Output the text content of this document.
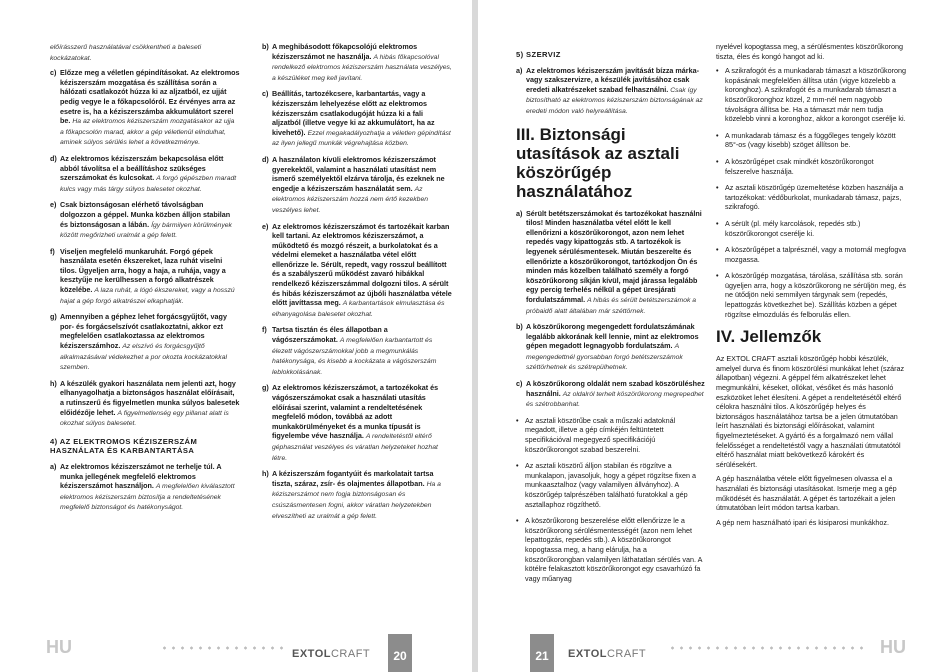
előírásszerű használatával csökkentheti a baleseti kockázatokat.

c) Előzze meg a véletlen gépindításokat. Az elektromos kéziszerszám mozgatása és szállítása során a hálózati csatlakozót húzza ki az aljzatból, ez ujját pedig vegye le a főkapcsolóról. Ez érvényes arra az esetre is, ha a kéziszerszámba akkumulátort szerel be. Ha az elektromos kéziszerszám mozgatásakor az ujja a főkapcsolón marad, akkor a gép véletlenül elindulhat, aminek súlyos sérülés lehet a következménye.
d) Az elektromos kéziszerszám bekapcsolása előtt abból távolítsa el a beállításhoz szükséges szerszámokat és kulcsokat. A forgó gépészben maradt kulcs vagy más tárgy súlyos balesetet okozhat.
e) Csak biztonságosan elérhető távolságban dolgozzon a géppel. Munka közben álljon stabilan és biztonságosan a lábán. Így bármilyen körülmények között megőrizheti uralmát a gép felett.
f) Viseljen megfelelő munkaruhát. Forgó gépek használata esetén ékszereket, laza ruhát viselni tilos. Ügyeljen arra, hogy a haja, a ruhája, vagy a kesztyűje ne kerülhessen a forgó alkatrészek közelébe. A laza ruhát, a lógó ékszereket, vagy a hosszú hajat a gép forgó alkatrészei elkaphatják.
g) Amennyiben a géphez lehet forgácsgyűjtőt, vagy por- és forgácselszívót csatlakoztatni, akkor ezt megfelelően csatlakoztassa az elektromos kéziszerszámhoz. Az elszívó és forgácsgyűjtő alkalmazásával védekezhet a por okozta kockázatokkal szemben.
h) A készülék gyakori használata nem jelenti azt, hogy elhanyagolhatja a biztonságos használat előírásait, a rutinszerű és figyelmetlen munka súlyos balesetek előidézője lehet. A figyelmetlenség egy pillanat alatt is okozhat súlyos balesetet.
4) AZ ELEKTROMOS KÉZISZERSZÁM HASZNÁLATA ÉS KARBANTARTÁSA
a) Az elektromos kéziszerszámot ne terhelje túl. A munka jellegének megfelelő elektromos kéziszerszámot használjon. A megfelelően kiválasztott elektromos kéziszerszám biztosítja a rendeltetésének megfelelő biztonságot és hatékonyságot.
b) A meghibásodott főkapcsolójú elektromos kéziszerszámot ne használja. A hibás főkapcsolóval rendelkező elektromos kéziszerszám használata veszélyes, a készüléket meg kell javítani.
c) Beállítás, tartozékcsere, karbantartás, vagy a kéziszerszám lehelyezése előtt az elektromos kéziszerszám csatlakodugóját húzza ki a fali aljzatból (illetve vegye ki az akkumulátort, ha az kivehető). Ezzel megakadályozhatja a véletlen gépindítást az ilyen jellegű munkák végrehajtása közben.
d) A használaton kívüli elektromos kéziszerszámot gyerekektől, valamint a használati utasítást nem ismerő személyektől elzárva tárolja, és ezeknek ne engedje a kéziszerszám használatát sem. Az elektromos kéziszerszám hozzá nem értő kezekben veszélyes lehet.
e) Az elektromos kéziszerszámot és tartozékait karban kell tartani. Az elektromos kéziszerszámot, a működtető és mozgó részeit, a burkolatokat és a védelmi elemeket a használatba vétel előtt ellenőrizze le. Sérült, repedt, vagy rosszul beállított és a szabályszerű működést zavaró hibákkal rendelkező kéziszerszámmal dolgozni tilos. A sérült és hibás kéziszerszámot az újbóli használatba vétele előtt javíttassa meg. A karbantartások elmulasztása és elhanyagolása balesetet okozhat.
f) Tartsa tisztán és éles állapotban a vágószerszámokat. A megfelelően karbantartott és élezett vágószerszámokkal jobb a megmunkálás hatékonysága, és kisebb a kockázata a vágószerszám leblokkolásának.
g) Az elektromos kéziszerszámot, a tartozékokat és vágószerszámokat csak a használati utasítás előírásai szerint, valamint a rendeltetésének megfelelő módon, továbbá az adott munkakörülményeket és a munka típusát is figyelembe véve használja. A rendeltetéstől eltérő géphasználat veszélyes és váratlan helyzeteket hozhat létre.
h) A kéziszerszám fogantyúit és markolatait tartsa tiszta, száraz, zsír- és olajmentes állapotban. Ha a kéziszerszámot nem fogja biztonságosan és csúszásmentesen fogni, akkor váratlan helyzetekben elveszítheti az uralmát a gép felett.
HU	EXTOLCRAFT	20
5) SZERVIZ
a) Az elektromos kéziszerszám javítását bízza márka- vagy szakszervizre, a készülék javításához csak eredeti alkatrészeket szabad felhasználni. Csak így biztosítható az elektromos kéziszerszám biztonságának az eredeti módon való helyreállítása.
III. Biztonsági utasítások az asztali köszörűgép használatához
a) Sérült betétszerszámokat és tartozékokat használni tilos! Minden használatba vétel előtt le kell ellenőrizni a köszörűkorongot, azon nem lehet repedés vagy kipattogzás stb. A tartozékok is legyenek sérülésmentesek. Miután beszerelte és ellenőrizte a köszörűkorongot, tartózkodjon Ön és minden más közelben található személy a forgó köszörűkorong síkján kívül, majd járassa legalább egy percig terhelés nélkül a gépet üresjárati fordulatszámmal. A hibás és sérült betétszerszámok a próbaidő alatt általában már széttörnek.
b) A köszörűkorong megengedett fordulatszámának legalább akkorának kell lennie, mint az elektromos gépen megadott legnagyobb fordulatszám. A megengedettnél gyorsabban forgó betétszerszámok széttörhetnek és szétrepülhetnek.
c) A köszörűkorong oldalát nem szabad köszörüléshez használni. Az oldalról terhelt köszörűkorong megrepedhet és szétrobbanhat.
• Az asztali köszörűbe csak a műszaki adatoknál megadott, illetve a gép címkéjén feltüntetett specifikációval megegyező specifikációjú köszörűkorongot szabad beszerelni.
• Az asztali köszörű álljon stabilan és rögzítve a munkalapon, javasoljuk, hogy a gépet rögzítse fixen a munkaasztalhoz (vagy valamilyen állványhoz). A köszörűgép talprészében található furatokkal a gép asztallaphoz rögzíthető.
• A köszörűkorong beszerelése előtt ellenőrizze le a köszörűkorong sérülésmentességét (azon nem lehet lepattogzás, repedés stb.). A köszörűkorongot kopogtassa meg, a hang elárulja, ha a köszörűkorongban valamilyen láthatatlan sérülés van. A kötélre felakasztott köszörűkorongot egy csavarhúzó fa vagy műanyag

nyelével kopogtassa meg, a sérülésmentes köszörűkorong tiszta, éles és kongó hangot ad ki.

• A szikrafogót és a munkadarab támaszt a köszörűkorong kopásának megfelelően állítsa után (vigye közelebb a koronghoz). A szikrafogót és a munkadarab támaszt a köszörűkoronghoz közel, 2 mm-nél nem nagyobb távolságra állítsa be. Ha a támaszt már nem tudja közelebb vinni a koronghoz, akkor a korongot cserélje ki.
• A munkadarab támasz és a függőleges tengely között 85°-os (vagy kisebb) szöget állítson be.
• A köszörűgépet csak mindkét köszörűkorongot felszerelve használja.
• Az asztali köszörűgép üzemeltetése közben használja a tartozékokat: védőburkolat, munkadarab támasz, pajzs, szikrafogó.
• A sérült (pl. mély karcolások, repedés stb.) köszörűkorongot cserélje ki.
• A köszörűgépet a talprésznél, vagy a motornál megfogva mozgassa.
• A köszörűgép mozgatása, tárolása, szállítása stb. során ügyeljen arra, hogy a köszörűkorong ne sérüljön meg, és ne ütődjön neki semmilyen tárgynak sem (repedés, lepattogzás következhet be). Szállítás közben a gépet rögzítse elmozdulás és felborulás ellen.
IV. Jellemzők

Az EXTOL CRAFT asztali köszörűgép hobbi készülék, amelyel durva és finom köszörülési munkákat lehet (száraz állapotban) végezni. A géppel fém alkatrészeket lehet megmunkálni, késeket, ollókat, vésőket és más hasonló eszközöket lehet élesíteni. A gépet a rendeltetésétől eltérő célokra használni tilos. A köszörűgép helyes és biztonságos használatához tartsa be a jelen útmutatóban leírt használati és biztonsági előírásokat, valamint figyelmeztetéseket. A gyártó és a forgalmazó nem vállal felelősséget a rendeltetéstől vagy a használati útmutatótól eltérő használat miatt bekövetkező károkért és sérülésekért.

A gép használatba vétele előtt figyelmesen olvassa el a használati és biztonsági utasításokat. Ismerje meg a gép működését és használatát. A gépet és tartozékait a jelen útmutatóban leírt módon tartsa karban.

A gép nem használható ipari és kisiparosi munkákhoz.

21	EXTOLCRAFT	HU
